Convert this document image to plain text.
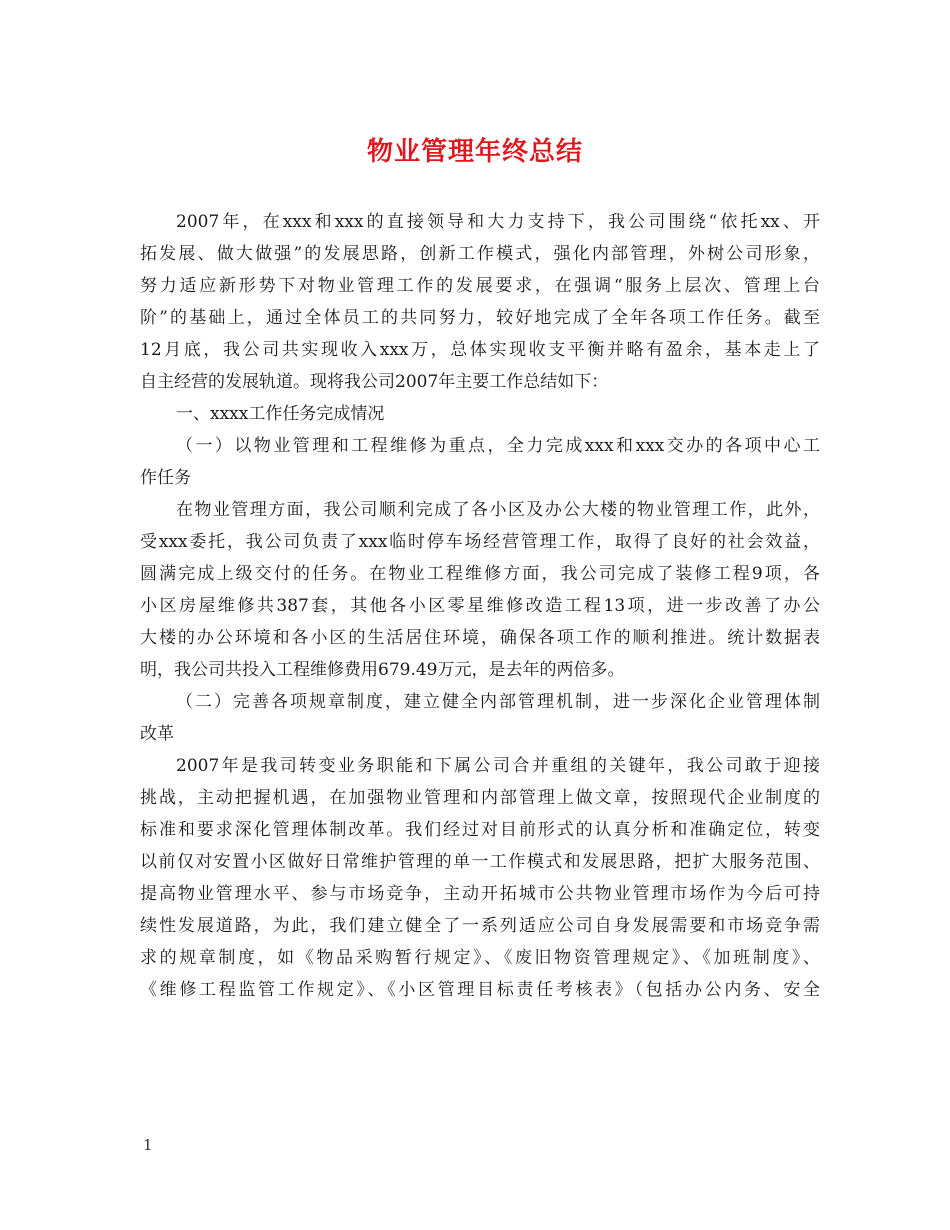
物业管理年终总结
2007年，在xxx和xxx的直接领导和大力支持下，我公司围绕“依托xx、开
拓发展、做大做强”的发展思路，创新工作模式，强化内部管理，外树公司形象，
努力适应新形势下对物业管理工作的发展要求，在强调“服务上层次、管理上台
阶”的基础上，通过全体员工的共同努力，较好地完成了全年各项工作任务。截至
12月底，我公司共实现收入xxx万，总体实现收支平衡并略有盈余，基本走上了
自主经营的发展轨道。现将我公司2007年主要工作总结如下：
一、xxxx工作任务完成情况
（一）以物业管理和工程维修为重点，全力完成xxx和xxx交办的各项中心工
作任务
在物业管理方面，我公司顺利完成了各小区及办公大楼的物业管理工作，此外，
受xxx委托，我公司负责了xxx临时停车场经营管理工作，取得了良好的社会效益，
圆满完成上级交付的任务。在物业工程维修方面，我公司完成了装修工程9项，各
小区房屋维修共387套，其他各小区零星维修改造工程13项，进一步改善了办公
大楼的办公环境和各小区的生活居住环境，确保各项工作的顺利推进。统计数据表
明，我公司共投入工程维修费用679.49万元，是去年的两倍多。
（二）完善各项规章制度，建立健全内部管理机制，进一步深化企业管理体制
改革
2007年是我司转变业务职能和下属公司合并重组的关键年，我公司敢于迎接
挑战，主动把握机遇，在加强物业管理和内部管理上做文章，按照现代企业制度的
标准和要求深化管理体制改革。我们经过对目前形式的认真分析和准确定位，转变
以前仅对安置小区做好日常维护管理的单一工作模式和发展思路，把扩大服务范围、
提高物业管理水平、参与市场竞争，主动开拓城市公共物业管理市场作为今后可持
续性发展道路，为此，我们建立健全了一系列适应公司自身发展需要和市场竞争需
求的规章制度，如《物品采购暂行规定》、《废旧物资管理规定》、《加班制度》、
《维修工程监管工作规定》、《小区管理目标责任考核表》（包括办公内务、安全
1
